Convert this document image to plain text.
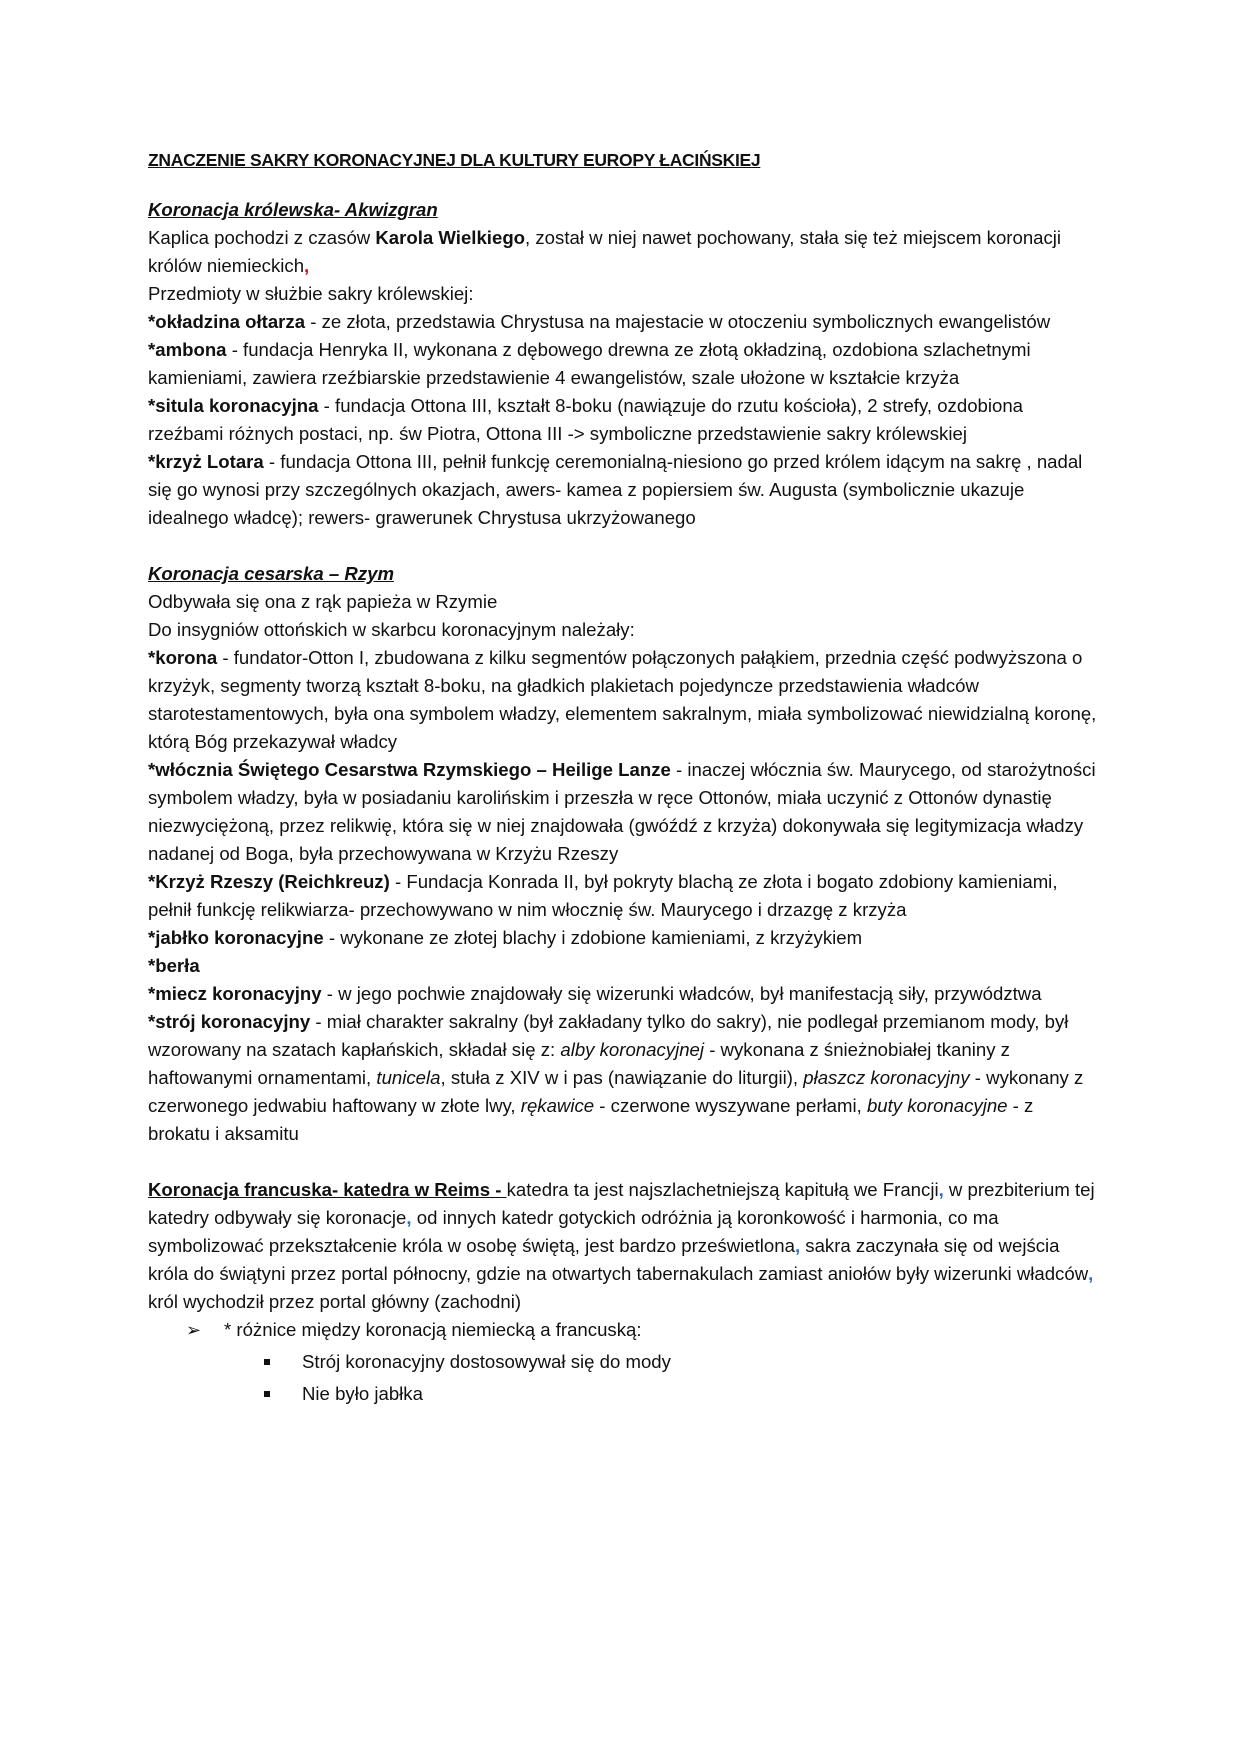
ZNACZENIE SAKRY KORONACYJNEJ DLA KULTURY EUROPY ŁACIŃSKIEJ

Koronacja królewska- Akwizgran

Kaplica pochodzi z czasów Karola Wielkiego, został w niej nawet pochowany, stała się też miejscem koronacji królów niemieckich,

Przedmioty w służbie sakry królewskiej:

*okładzina ołtarza - ze złota, przedstawia Chrystusa na majestacie w otoczeniu symbolicznych ewangelistów

*ambona - fundacja Henryka II, wykonana z dębowego drewna ze złotą okładziną, ozdobiona szlachetnymi kamieniami, zawiera rzeźbiarskie przedstawienie 4 ewangelistów, szale ułożone w kształcie krzyża

*situla koronacyjna - fundacja Ottona III, kształt 8-boku (nawiązuje do rzutu kościoła), 2 strefy, ozdobiona rzeźbami różnych postaci, np. św Piotra, Ottona III -> symboliczne przedstawienie sakry królewskiej

*krzyż Lotara - fundacja Ottona III, pełnił funkcję ceremonialną-niesiono go przed królem idącym na sakrę , nadal się go wynosi przy szczególnych okazjach, awers- kamea z popiersiem św. Augusta (symbolicznie ukazuje idealnego władcę); rewers- grawerunek Chrystusa ukrzyżowanego

Koronacja cesarska – Rzym

Odbywała się ona z rąk papieża w Rzymie

Do insygniów ottońskich w skarbcu koronacyjnym należały:

*korona - fundator-Otton I, zbudowana z kilku segmentów połączonych pałąkiem, przednia część podwyższona o krzyżyk, segmenty tworzą kształt 8-boku, na gładkich plakietach pojedyncze przedstawienia władców starotestamentowych, była ona symbolem władzy, elementem sakralnym, miała symbolizować niewidzialną koronę, którą Bóg przekazywał władcy

*włócznia Świętego Cesarstwa Rzymskiego – Heilige Lanze - inaczej włócznia św. Maurycego, od starożytności symbolem władzy, była w posiadaniu karolińskim i przeszła w ręce Ottonów, miała uczynić z Ottonów dynastię niezwyciężoną, przez relikwię, która się w niej znajdowała (gwóźdź z krzyża) dokonywała się legitymizacja władzy nadanej od Boga, była przechowywana w Krzyżu Rzeszy

*Krzyż Rzeszy (Reichkreuz) - Fundacja Konrada II, był pokryty blachą ze złota i bogato zdobiony kamieniami, pełnił funkcję relikwiarza- przechowywano w nim włocznię św. Maurycego i drzazgę z krzyża

*jabłko koronacyjne - wykonane ze złotej blachy i zdobione kamieniami, z krzyżykiem

*berła

*miecz koronacyjny - w jego pochwie znajdowały się wizerunki władców, był manifestacją siły, przywództwa

*strój koronacyjny - miał charakter sakralny (był zakładany tylko do sakry), nie podlegał przemianom mody, był wzorowany na szatach kapłańskich, składał się z: alby koronacyjnej - wykonana z śnieżnobiałej tkaniny z haftowanymi ornamentami, tunicela, stuła z XIV w i pas (nawiązanie do liturgii), płaszcz koronacyjny - wykonany z czerwonego jedwabiu haftowany w złote lwy, rękawice - czerwone wyszywane perłami, buty koronacyjne - z brokatu i aksamitu

Koronacja francuska- katedra w Reims - katedra ta jest najszlachetniejszą kapitułą we Francji, w prezbiterium tej katedry odbywały się koronacje, od innych katedr gotyckich odróżnia ją koronkowość i harmonia, co ma symbolizować przekształcenie króla w osobę świętą, jest bardzo prześwietlona, sakra zaczynała się od wejścia króla do świątyni przez portal północny, gdzie na otwartych tabernakulach zamiast aniołów były wizerunki władców, król wychodził przez portal główny (zachodni)

➢ * różnice między koronacją niemiecką a francuską:
Strój koronacyjny dostosowywał się do mody
Nie było jabłka
